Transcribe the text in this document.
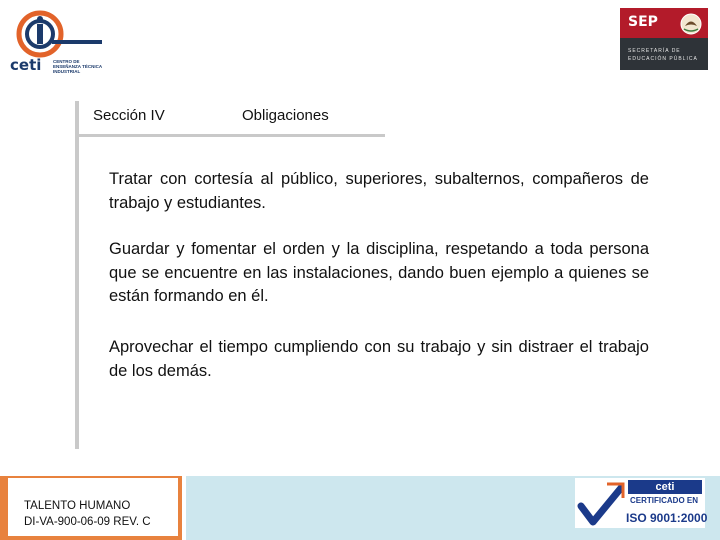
ceti	CENTRO DE ENSEÑANZA TÉCNICA INDUSTRIAL
SEP
SECRETARÍA DE
EDUCACIÓN PÚBLICA
Sección IV	Obligaciones
Tratar con cortesía al público, superiores, subalternos, compañeros de trabajo y estudiantes.
Guardar y fomentar el orden y la disciplina, respetando a toda persona que se encuentre en las instalaciones, dando buen ejemplo a quienes se están formando en él.
Aprovechar el tiempo cumpliendo con su trabajo y sin distraer el trabajo de los demás.
TALENTO HUMANO
DI-VA-900-06-09 REV. C
ceti
CERTIFICADO EN
ISO 9001:2000
